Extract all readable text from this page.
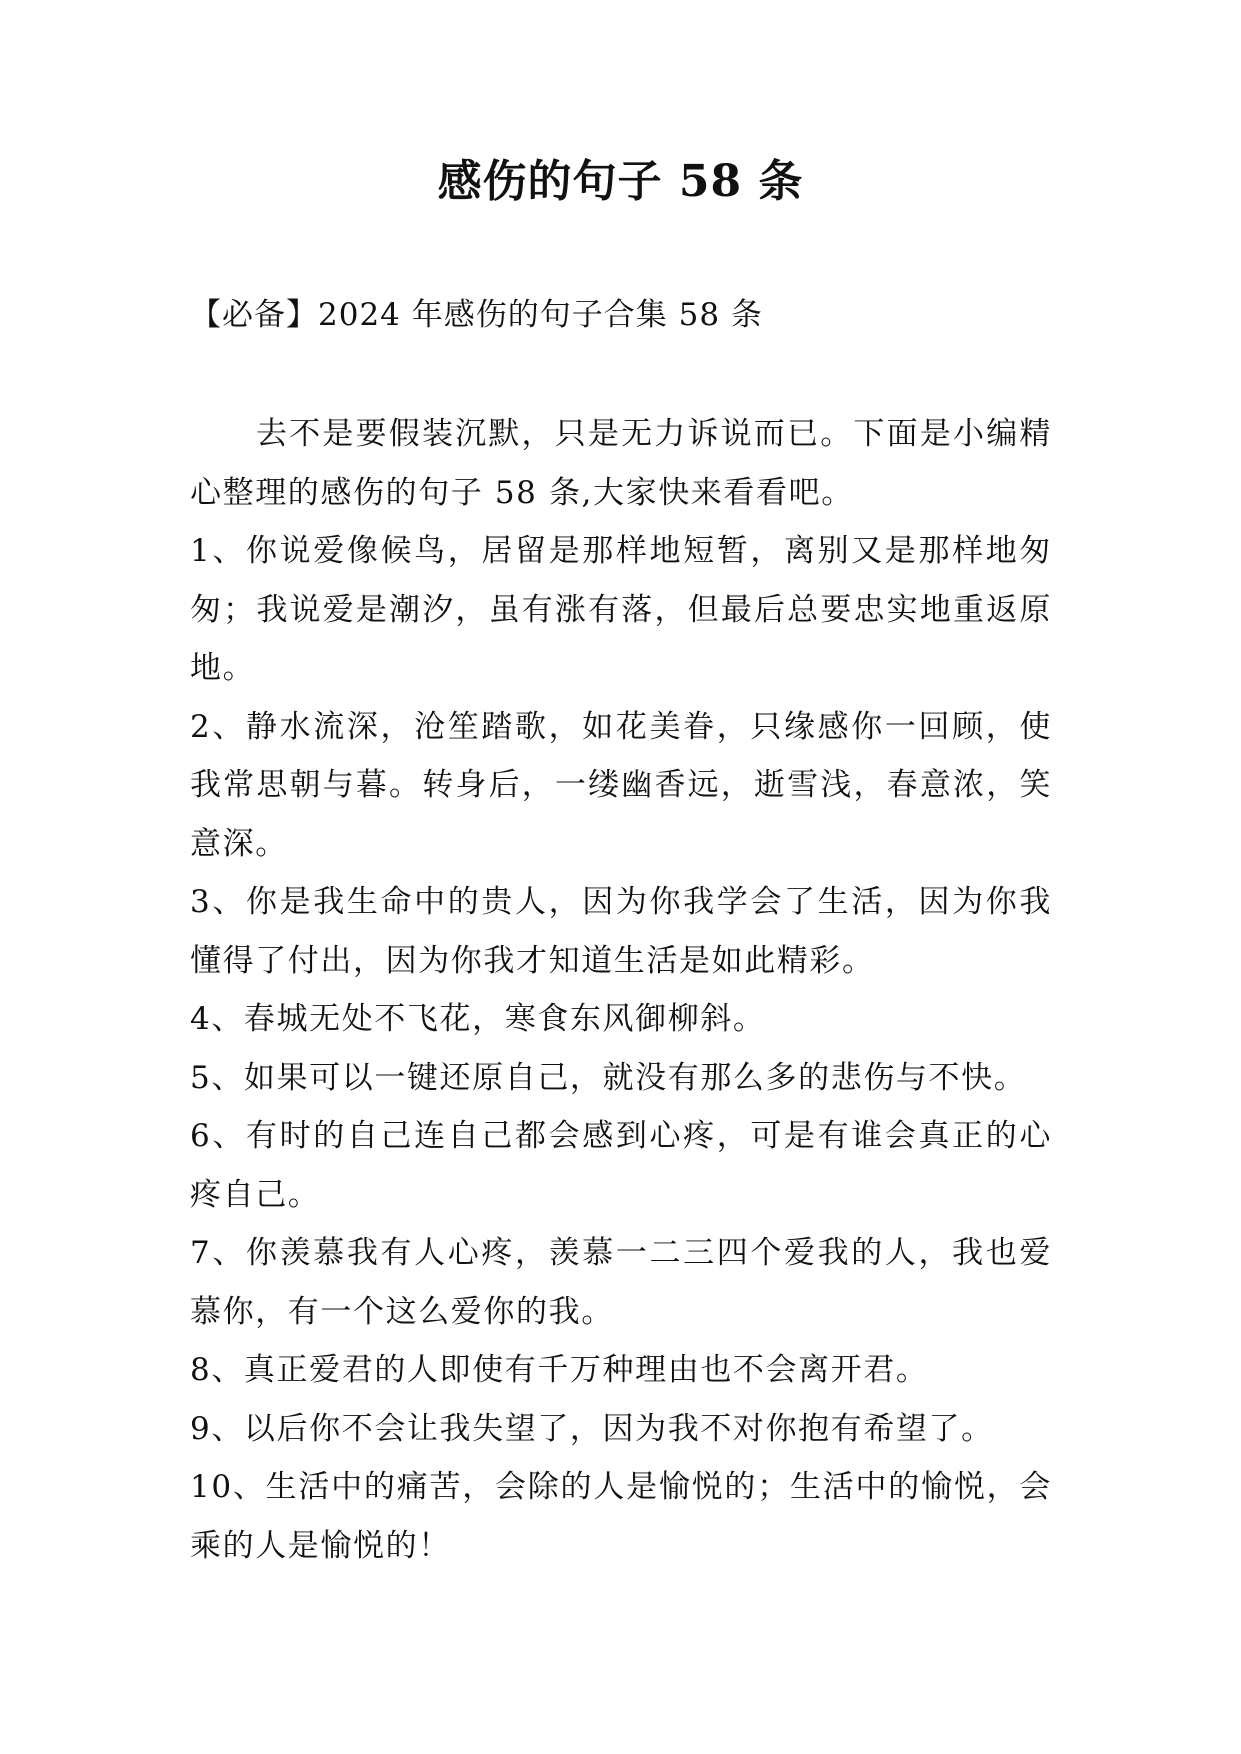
感伤的句子 58 条
【必备】2024 年感伤的句子合集 58 条

去不是要假装沉默，只是无力诉说而已。下面是小编精心整理的感伤的句子 58 条,大家快来看看吧。

1、你说爱像候鸟，居留是那样地短暂，离别又是那样地匆匆；我说爱是潮汐，虽有涨有落，但最后总要忠实地重返原地。

2、静水流深，沧笙踏歌，如花美眷，只缘感你一回顾，使我常思朝与暮。转身后，一缕幽香远，逝雪浅，春意浓，笑意深。

3、你是我生命中的贵人，因为你我学会了生活，因为你我懂得了付出，因为你我才知道生活是如此精彩。

4、春城无处不飞花，寒食东风御柳斜。

5、如果可以一键还原自己，就没有那么多的悲伤与不快。

6、有时的自己连自己都会感到心疼，可是有谁会真正的心疼自己。

7、你羡慕我有人心疼，羡慕一二三四个爱我的人，我也爱慕你，有一个这么爱你的我。

8、真正爱君的人即使有千万种理由也不会离开君。

9、以后你不会让我失望了，因为我不对你抱有希望了。

10、生活中的痛苦，会除的人是愉悦的；生活中的愉悦，会乘的人是愉悦的！
